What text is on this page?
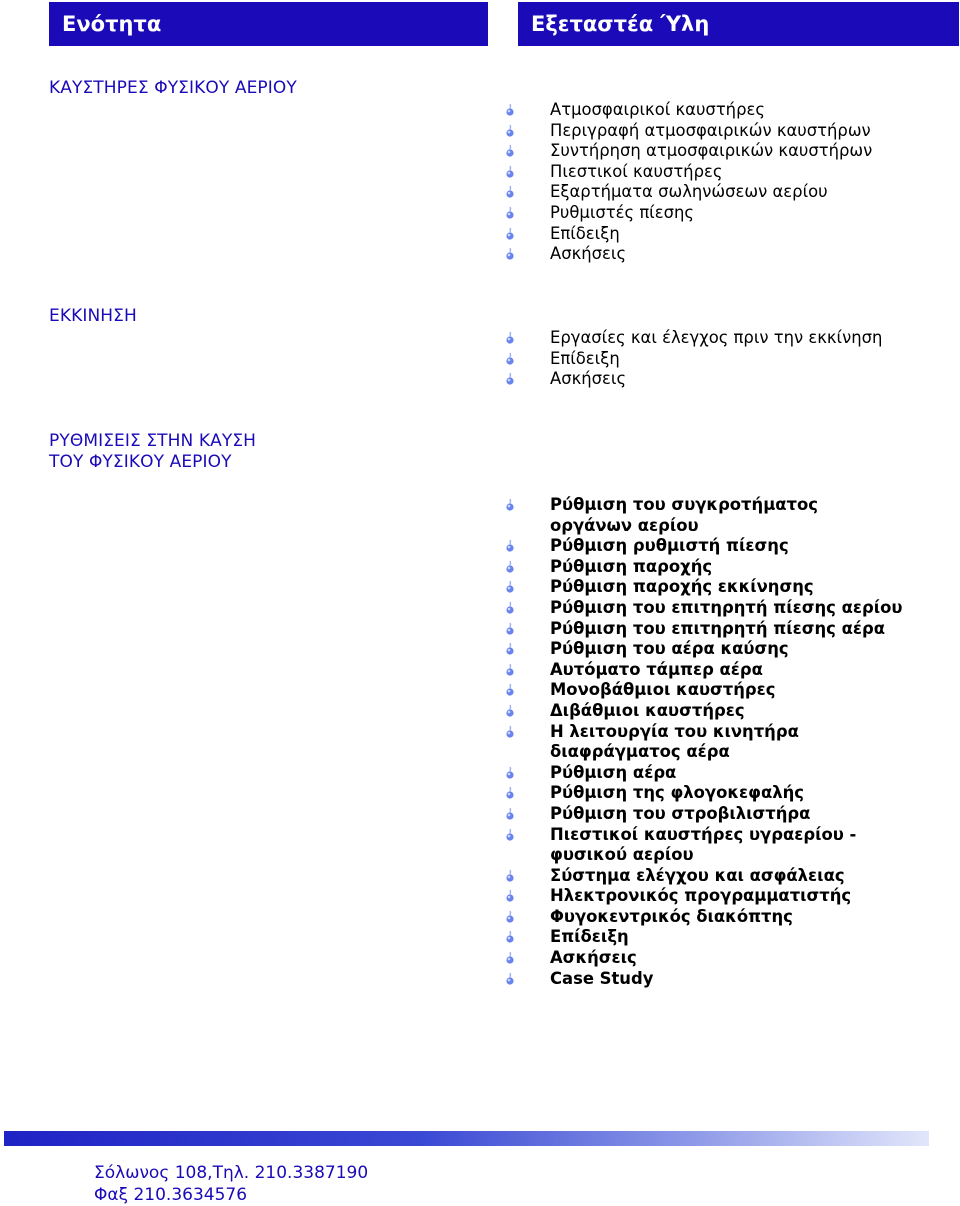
Ενότητα	Εξεταστέα Ύλη
ΚΑΥΣΤΗΡΕΣ ΦΥΣΙΚΟΥ ΑΕΡΙΟΥ
Ατμοσφαιρικοί καυστήρες
Περιγραφή ατμοσφαιρικών καυστήρων
Συντήρηση ατμοσφαιρικών καυστήρων
Πιεστικοί καυστήρες
Εξαρτήματα σωληνώσεων αερίου
Ρυθμιστές πίεσης
Επίδειξη
Ασκήσεις
ΕΚΚΙΝΗΣΗ
Εργασίες και έλεγχος πριν την εκκίνηση
Επίδειξη
Ασκήσεις
ΡΥΘΜΙΣΕΙΣ ΣΤΗΝ ΚΑΥΣΗ
ΤΟΥ ΦΥΣΙΚΟΥ ΑΕΡΙΟΥ
Ρύθμιση του συγκροτήματος οργάνων αερίου
Ρύθμιση ρυθμιστή πίεσης
Ρύθμιση παροχής
Ρύθμιση παροχής εκκίνησης
Ρύθμιση του επιτηρητή πίεσης αερίου
Ρύθμιση του επιτηρητή πίεσης αέρα
Ρύθμιση του αέρα καύσης
Αυτόματο τάμπερ αέρα
Μονοβάθμιοι καυστήρες
Διβάθμιοι καυστήρες
Η λειτουργία του κινητήρα διαφράγματος αέρα
Ρύθμιση αέρα
Ρύθμιση της φλογοκεφαλής
Ρύθμιση του στροβιλιστήρα
Πιεστικοί καυστήρες υγραερίου - φυσικού αερίου
Σύστημα ελέγχου και ασφάλειας
Ηλεκτρονικός προγραμματιστής
Φυγοκεντρικός διακόπτης
Επίδειξη
Ασκήσεις
Case Study
Σόλωνος 108,Τηλ. 210.3387190
Φαξ 210.3634576
